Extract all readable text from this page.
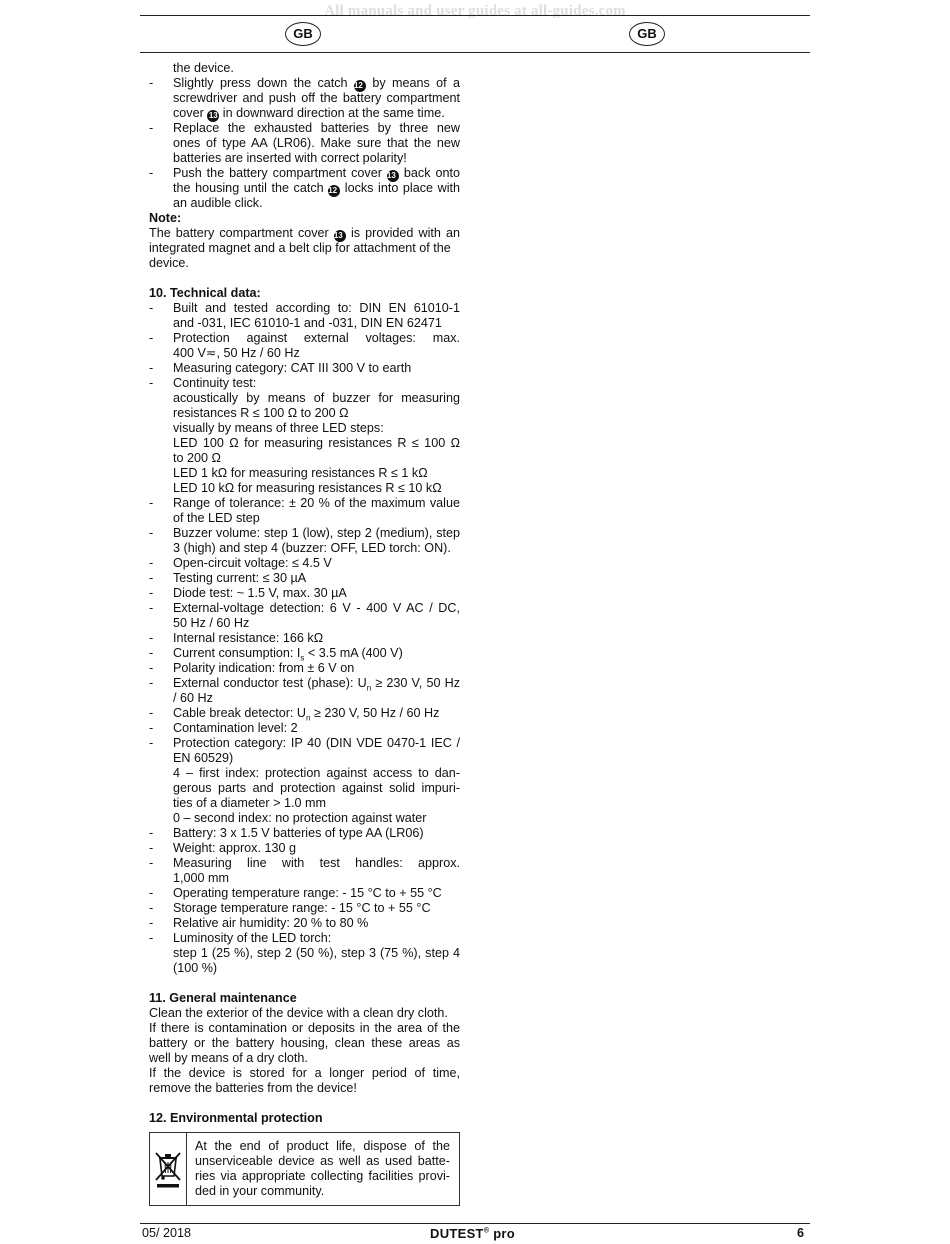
All manuals and user guides at all-guides.com
GB	GB
the device.
-	Slightly press down the catch 12 by means of a
screwdriver and push off the battery compartment
cover 13 in downward direction at the same time.
-	Replace the exhausted batteries by three new
ones of type AA (LR06). Make sure that the new
batteries are inserted with correct polarity!
-	Push the battery compartment cover 13 back onto
the housing until the catch 12 locks into place with
an audible click.
Note:
The battery compartment cover 13 is provided with an
integrated magnet and a belt clip for attachment of the
device.
10. Technical data:
-	Built and tested according to: DIN EN 61010-1
and -031, IEC 61010-1 and -031, DIN EN 62471
-	Protection against external voltages: max.
400 V≂, 50 Hz / 60 Hz
-	Measuring category: CAT III 300 V to earth
-	Continuity test:
acoustically by means of buzzer for measuring
resistances R ≤ 100 Ω to 200 Ω
visually by means of three LED steps:
LED 100 Ω for measuring resistances R ≤ 100 Ω
to 200 Ω
LED 1 kΩ for measuring resistances R ≤ 1 kΩ
LED 10 kΩ for measuring resistances R ≤ 10 kΩ
-	Range of tolerance: ± 20 % of the maximum value
of the LED step
-	Buzzer volume: step 1 (low), step 2 (medium), step
3 (high) and step 4 (buzzer: OFF, LED torch: ON).
-	Open-circuit voltage: ≤ 4.5 V
-	Testing current: ≤ 30 µA
-	Diode test: ~ 1.5 V, max. 30 µA
-	External-voltage detection: 6 V - 400 V AC / DC,
50 Hz / 60 Hz
-	Internal resistance: 166 kΩ
-	Current consumption: $I_s < 3.5$ mA (400 V)
-	Polarity indication: from ± 6 V on
-	External conductor test (phase): $U_n \ge 230$ V, 50 Hz
/ 60 Hz
-	Cable break detector: $U_n \ge 230$ V, 50 Hz / 60 Hz
-	Contamination level: 2
-	Protection category: IP 40 (DIN VDE 0470-1 IEC /
EN 60529)
4 – first index: protection against access to dan-
gerous parts and protection against solid impuri-
ties of a diameter > 1.0 mm
0 – second index: no protection against water
-	Battery: 3 x 1.5 V batteries of type AA (LR06)
-	Weight: approx. 130 g
-	Measuring line with test handles: approx.
1,000 mm
-	Operating temperature range: - 15 °C to + 55 °C
-	Storage temperature range: - 15 °C to + 55 °C
-	Relative air humidity: 20 % to 80 %
-	Luminosity of the LED torch:
step 1 (25 %), step 2 (50 %), step 3 (75 %), step 4
(100 %)
11. General maintenance
Clean the exterior of the device with a clean dry cloth.
If there is contamination or deposits in the area of the
battery or the battery housing, clean these areas as
well by means of a dry cloth.
If the device is stored for a longer period of time,
remove the batteries from the device!
12. Environmental protection
At the end of product life, dispose of the
unserviceable device as well as used batte-
ries via appropriate collecting facilities provi-
ded in your community.
05/ 2018	DUTEST® pro	6
